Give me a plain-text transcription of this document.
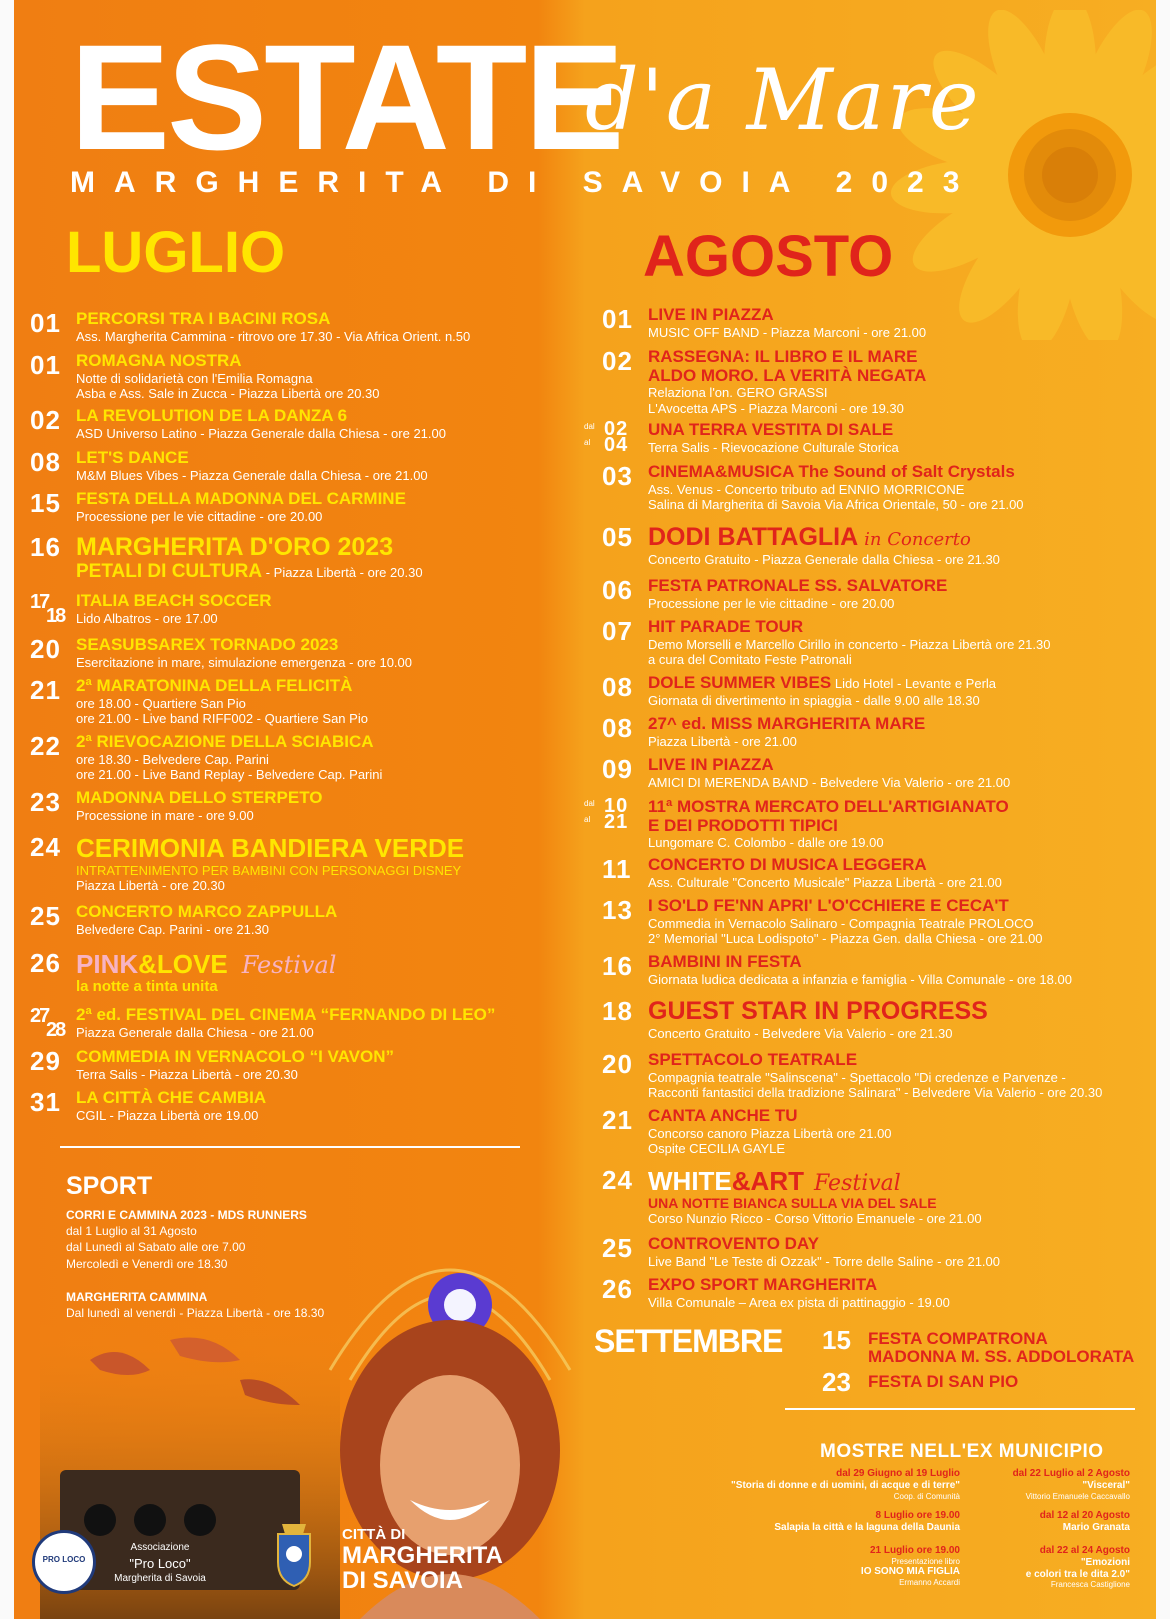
ESTATE
d'a Mare
MARGHERITA DI SAVOIA 2023
LUGLIO	AGOSTO
01 PERCORSI TRA I BACINI ROSA
Ass. Margherita Cammina - ritrovo ore 17.30 - Via Africa Orient. n.50
01 ROMAGNA NOSTRA
Notte di solidarietà con l'Emilia Romagna
Asba e Ass. Sale in Zucca - Piazza Libertà ore 20.30
02 LA REVOLUTION DE LA DANZA 6
ASD Universo Latino - Piazza Generale dalla Chiesa - ore 21.00
08 LET'S DANCE
M&M Blues Vibes - Piazza Generale dalla Chiesa - ore 21.00
15 FESTA DELLA MADONNA DEL CARMINE
Processione per le vie cittadine - ore 20.00
16 MARGHERITA D'ORO 2023
PETALI DI CULTURA - Piazza Libertà - ore 20.30
17
18
ITALIA BEACH SOCCER
Lido Albatros - ore 17.00
20 SEASUBSAREX TORNADO 2023
Esercitazione in mare, simulazione emergenza - ore 10.00
21 2ª MARATONINA DELLA FELICITÀ
ore 18.00 - Quartiere San Pio
ore 21.00 - Live band RIFF002 - Quartiere San Pio
22 2ª RIEVOCAZIONE DELLA SCIABICA
ore 18.30 - Belvedere Cap. Parini
ore 21.00 - Live Band Replay - Belvedere Cap. Parini
23 MADONNA DELLO STERPETO
Processione in mare - ore 9.00
24 CERIMONIA BANDIERA VERDE
INTRATTENIMENTO PER BAMBINI CON PERSONAGGI DISNEY
Piazza Libertà - ore 20.30
25 CONCERTO MARCO ZAPPULLA
Belvedere Cap. Parini - ore 21.30
26 PINK&LOVE Festival
la notte a tinta unita
27
28
2ª ed. FESTIVAL DEL CINEMA “FERNANDO DI LEO”
Piazza Generale dalla Chiesa - ore 21.00
29 COMMEDIA IN VERNACOLO “I VAVON”
Terra Salis - Piazza Libertà - ore 20.30
31 LA CITTÀ CHE CAMBIA
CGIL - Piazza Libertà ore 19.00
SPORT
CORRI E CAMMINA 2023 - MDS RUNNERS
dal 1 Luglio al 31 Agosto
dal Lunedì al Sabato alle ore 7.00
Mercoledì e Venerdì ore 18.30
MARGHERITA CAMMINA
Dal lunedì al venerdì - Piazza Libertà - ore 18.30
01 LIVE IN PIAZZA
MUSIC OFF BAND - Piazza Marconi - ore 21.00
02 RASSEGNA: IL LIBRO E IL MARE
ALDO MORO. LA VERITÀ NEGATA
Relaziona l'on. GERO GRASSI
L'Avocetta APS - Piazza Marconi - ore 19.30
dal
al
02
04
UNA TERRA VESTITA DI SALE
Terra Salis - Rievocazione Culturale Storica
03 CINEMA&MUSICA The Sound of Salt Crystals
Ass. Venus - Concerto tributo ad ENNIO MORRICONE
Salina di Margherita di Savoia Via Africa Orientale, 50 - ore 21.00
05 DODI BATTAGLIA in Concerto
Concerto Gratuito - Piazza Generale dalla Chiesa - ore 21.30
06 FESTA PATRONALE SS. SALVATORE
Processione per le vie cittadine - ore 20.00
07 HIT PARADE TOUR
Demo Morselli e Marcello Cirillo in concerto - Piazza Libertà ore 21.30
a cura del Comitato Feste Patronali
08 DOLE SUMMER VIBES Lido Hotel - Levante e Perla
Giornata di divertimento in spiaggia - dalle 9.00 alle 18.30
08 27^ ed. MISS MARGHERITA MARE
Piazza Libertà - ore 21.00
09 LIVE IN PIAZZA
AMICI DI MERENDA BAND - Belvedere Via Valerio - ore 21.00
dal
al
10
21
11ª MOSTRA MERCATO DELL'ARTIGIANATO
E DEI PRODOTTI TIPICI
Lungomare C. Colombo - dalle ore 19.00
11 CONCERTO DI MUSICA LEGGERA
Ass. Culturale "Concerto Musicale" Piazza Libertà - ore 21.00
13 I SO'LD FE'NN APRI' L'O'CCHIERE E CECA'T
Commedia in Vernacolo Salinaro - Compagnia Teatrale PROLOCO
2° Memorial "Luca Lodispoto" - Piazza Gen. dalla Chiesa - ore 21.00
16 BAMBINI IN FESTA
Giornata ludica dedicata a infanzia e famiglia - Villa Comunale - ore 18.00
18 GUEST STAR IN PROGRESS
Concerto Gratuito - Belvedere Via Valerio - ore 21.30
20 SPETTACOLO TEATRALE
Compagnia teatrale "Salinscena" - Spettacolo "Di credenze e Parvenze -
Racconti fantastici della tradizione Salinara" - Belvedere Via Valerio - ore 20.30
21 CANTA ANCHE TU
Concorso canoro Piazza Libertà ore 21.00
Ospite CECILIA GAYLE
24 WHITE&ART Festival
UNA NOTTE BIANCA SULLA VIA DEL SALE
Corso Nunzio Ricco - Corso Vittorio Emanuele - ore 21.00
25 CONTROVENTO DAY
Live Band "Le Teste di Ozzak" - Torre delle Saline - ore 21.00
26 EXPO SPORT MARGHERITA
Villa Comunale – Area ex pista di pattinaggio - 19.00
SETTEMBRE 15 FESTA COMPATRONA
MADONNA M. SS. ADDOLORATA
23 FESTA DI SAN PIO
MOSTRE NELL'EX MUNICIPIO
dal 29 Giugno al 19 Luglio
"Storia di donne e di uomini, di acque e di terre"
Coop. di Comunità
dal 22 Luglio al 2 Agosto
"Visceral"
Vittorio Emanuele Caccavallo
8 Luglio ore 19.00
Salapia la città e la laguna della Daunia
dal 12 al 20 Agosto
Mario Granata
21 Luglio ore 19.00
Presentazione libro
IO SONO MIA FIGLIA
Ermanno Accardi
dal 22 al 24 Agosto
"Emozioni
e colori tra le dita 2.0"
Francesca Castiglione
PRO LOCO
Associazione
"Pro Loco"
Margherita di Savoia
CITTÀ DI
MARGHERITA
DI SAVOIA
